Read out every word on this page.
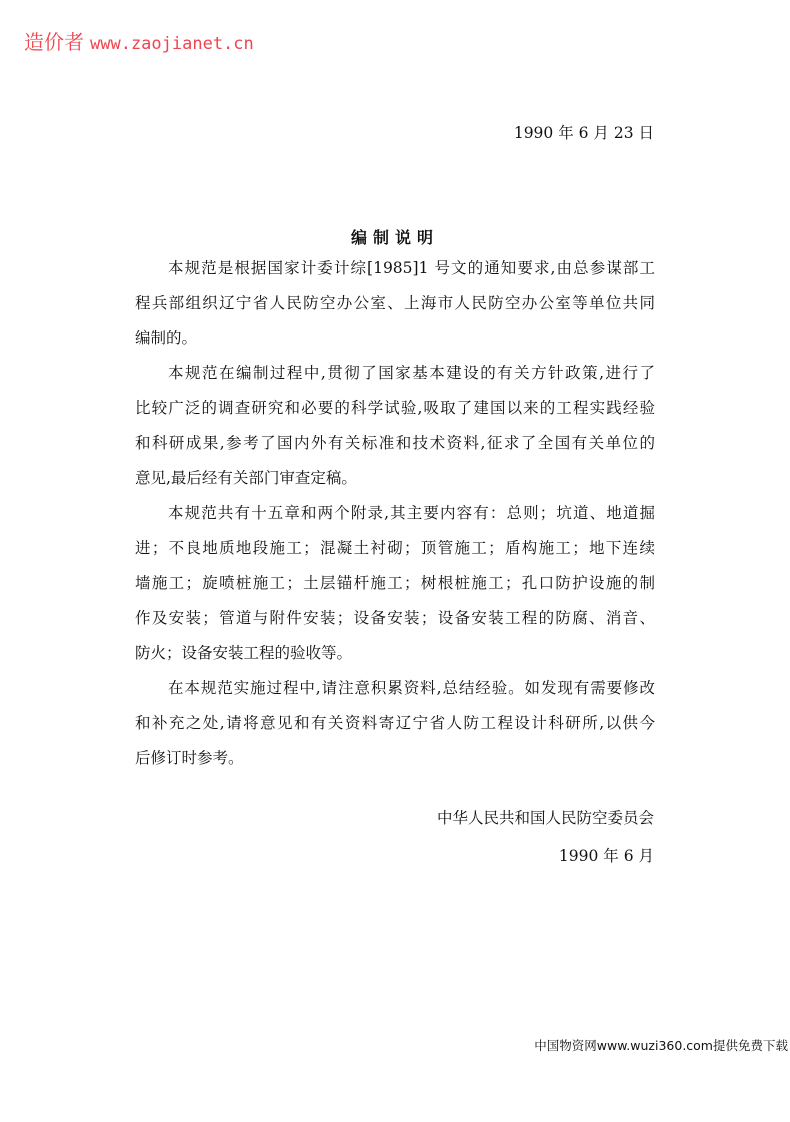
造价者 www.zaojianet.cn
1990 年 6 月 23 日
编制说明
本规范是根据国家计委计综[1985]1 号文的通知要求,由总参谋部工
程兵部组织辽宁省人民防空办公室、上海市人民防空办公室等单位共同
编制的。
本规范在编制过程中,贯彻了国家基本建设的有关方针政策,进行了
比较广泛的调查研究和必要的科学试验,吸取了建国以来的工程实践经验
和科研成果,参考了国内外有关标准和技术资料,征求了全国有关单位的
意见,最后经有关部门审查定稿。
本规范共有十五章和两个附录,其主要内容有：总则；坑道、地道掘
进；不良地质地段施工；混凝土衬砌；顶管施工；盾构施工；地下连续
墙施工；旋喷桩施工；土层锚杆施工；树根桩施工；孔口防护设施的制
作及安装；管道与附件安装；设备安装；设备安装工程的防腐、消音、
防火；设备安装工程的验收等。
在本规范实施过程中,请注意积累资料,总结经验。如发现有需要修改
和补充之处,请将意见和有关资料寄辽宁省人防工程设计科研所,以供今
后修订时参考。
中华人民共和国人民防空委员会
1990 年 6 月
中国物资网www.wuzi360.com提供免费下载
